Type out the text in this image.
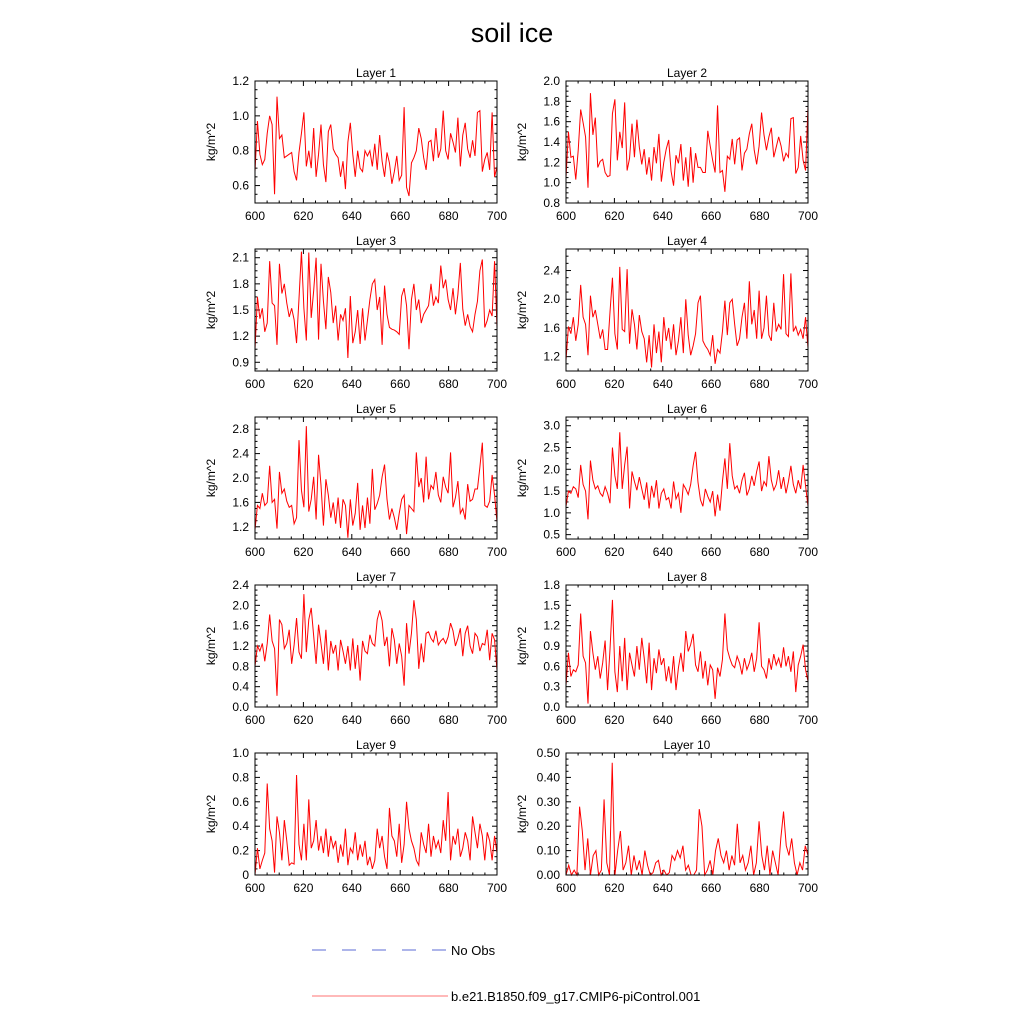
soil ice
Layer 1
kg/m^2
600 620 640 660 680 700
0.6
0.8
1.0
1.2
Layer 2
kg/m^2
600 620 640 660 680 700
0.8
1.0
1.2
1.4
1.6
1.8
2.0
Layer 3
kg/m^2
600 620 640 660 680 700
0.9
1.2
1.5
1.8
2.1
Layer 4
kg/m^2
600 620 640 660 680 700
1.2
1.6
2.0
2.4
Layer 5
kg/m^2
600 620 640 660 680 700
1.2
1.6
2.0
2.4
2.8
Layer 6
kg/m^2
600 620 640 660 680 700
0.5
1.0
1.5
2.0
2.5
3.0
Layer 7
kg/m^2
600 620 640 660 680 700
0.0
0.4
0.8
1.2
1.6
2.0
2.4
Layer 8
kg/m^2
600 620 640 660 680 700
0.0
0.3
0.6
0.9
1.2
1.5
1.8
Layer 9
kg/m^2
600 620 640 660 680 700
0
0.2
0.4
0.6
0.8
1.0
Layer 10
kg/m^2
600 620 640 660 680 700
0.00
0.10
0.20
0.30
0.40
0.50
No Obs
b.e21.B1850.f09_g17.CMIP6-piControl.001
